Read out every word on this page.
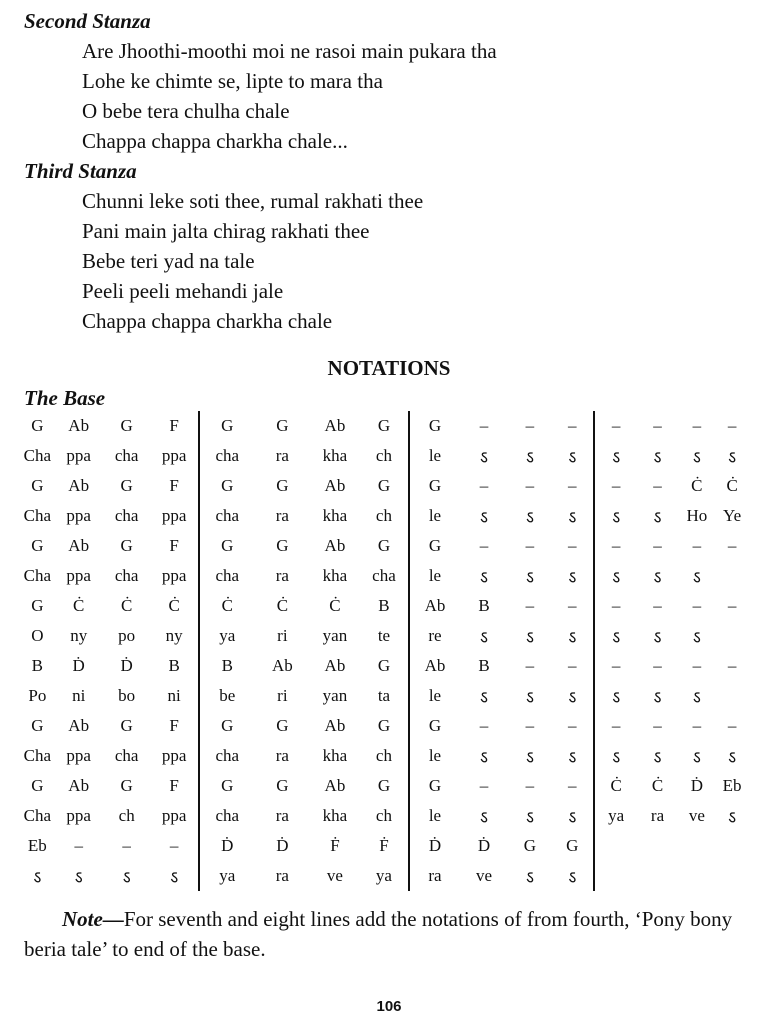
Second Stanza
Are Jhoothi-moothi moi ne rasoi main pukara tha
Lohe ke chimte se, lipte to mara tha
O bebe tera chulha chale
Chappa chappa charkha chale...
Third Stanza
Chunni leke soti thee, rumal rakhati thee
Pani main jalta chirag rakhati thee
Bebe teri yad na tale
Peeli peeli mehandi jale
Chappa chappa charkha chale
NOTATIONS
The Base
G	Ab	G	F	G	G	Ab	G	G	–	–	–	–	–	–	–
Cha	ppa	cha	ppa	cha	ra	kha	ch	le	ऽ	ऽ	ऽ	ऽ	ऽ	ऽ	ऽ
G	Ab	G	F	G	G	Ab	G	G	–	–	–	–	–	Ċ	Ċ
Cha	ppa	cha	ppa	cha	ra	kha	ch	le	ऽ	ऽ	ऽ	ऽ	ऽ	Ho	Ye
G	Ab	G	F	G	G	Ab	G	G	–	–	–	–	–	–	–
Cha	ppa	cha	ppa	cha	ra	kha	cha	le	ऽ	ऽ	ऽ	ऽ	ऽ	ऽ	
G	Ċ	Ċ	Ċ	Ċ	Ċ	Ċ	B	Ab	B	–	–	–	–	–	–
O	ny	po	ny	ya	ri	yan	te	re	ऽ	ऽ	ऽ	ऽ	ऽ	ऽ	
B	Ḋ	Ḋ	B	B	Ab	Ab	G	Ab	B	–	–	–	–	–	–
Po	ni	bo	ni	be	ri	yan	ta	le	ऽ	ऽ	ऽ	ऽ	ऽ	ऽ	
G	Ab	G	F	G	G	Ab	G	G	–	–	–	–	–	–	–
Cha	ppa	cha	ppa	cha	ra	kha	ch	le	ऽ	ऽ	ऽ	ऽ	ऽ	ऽ	ऽ
G	Ab	G	F	G	G	Ab	G	G	–	–	–	Ċ	Ċ	Ḋ	Eb
Cha	ppa	ch	ppa	cha	ra	kha	ch	le	ऽ	ऽ	ऽ	ya	ra	ve	ऽ
Eb	–	–	–	Ḋ	Ḋ	Ḟ	Ḟ	Ḋ	Ḋ	G	G				
ऽ	ऽ	ऽ	ऽ	ya	ra	ve	ya	ra	ve	ऽ	ऽ				
Note—For seventh and eight lines add the notations of from fourth, ‘Pony bony beria tale’ to end of the base.
106
